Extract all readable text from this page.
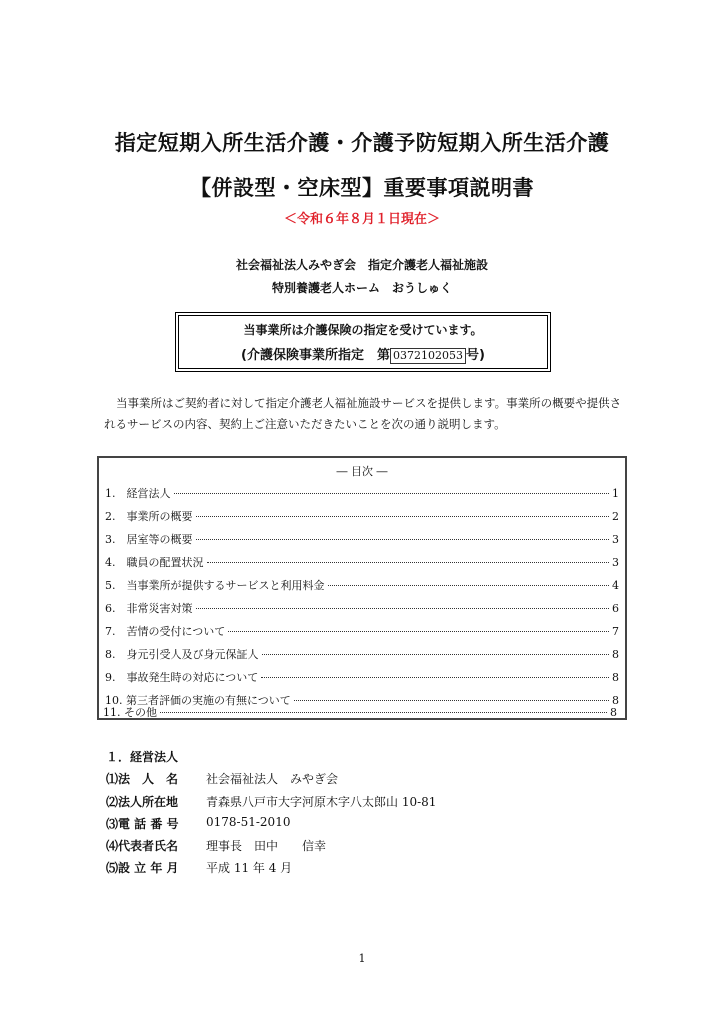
指定短期入所生活介護・介護予防短期入所生活介護
【併設型・空床型】重要事項説明書
＜令和６年８月１日現在＞
社会福祉法人みやぎ会　指定介護老人福祉施設
特別養護老人ホーム　おうしゅく
当事業所は介護保険の指定を受けています。
(介護保険事業所指定　第 0372102053 号)
当事業所はご契約者に対して指定介護老人福祉施設サービスを提供します。事業所の概要や提供されるサービスの内容、契約上ご注意いただきたいことを次の通り説明します。
― 目次 ―
1.　経営法人	1
2.　事業所の概要	2
3.　居室等の概要	3
4.　職員の配置状況	3
5.　当事業所が提供するサービスと利用料金	4
6.　非常災害対策	6
7.　苦情の受付について	7
8.　身元引受人及び身元保証人	8
9.　事故発生時の対応について	8
10. 第三者評価の実施の有無について	8
11. その他	8
１．経営法人
⑴法　人　名	社会福祉法人　みやぎ会
⑵法人所在地	青森県八戸市大字河原木字八太郎山 10-81
⑶電 話 番 号	0178-51-2010
⑷代表者氏名	理事長　田中　　信幸
⑸設 立 年 月	平成 11 年 4 月
1
